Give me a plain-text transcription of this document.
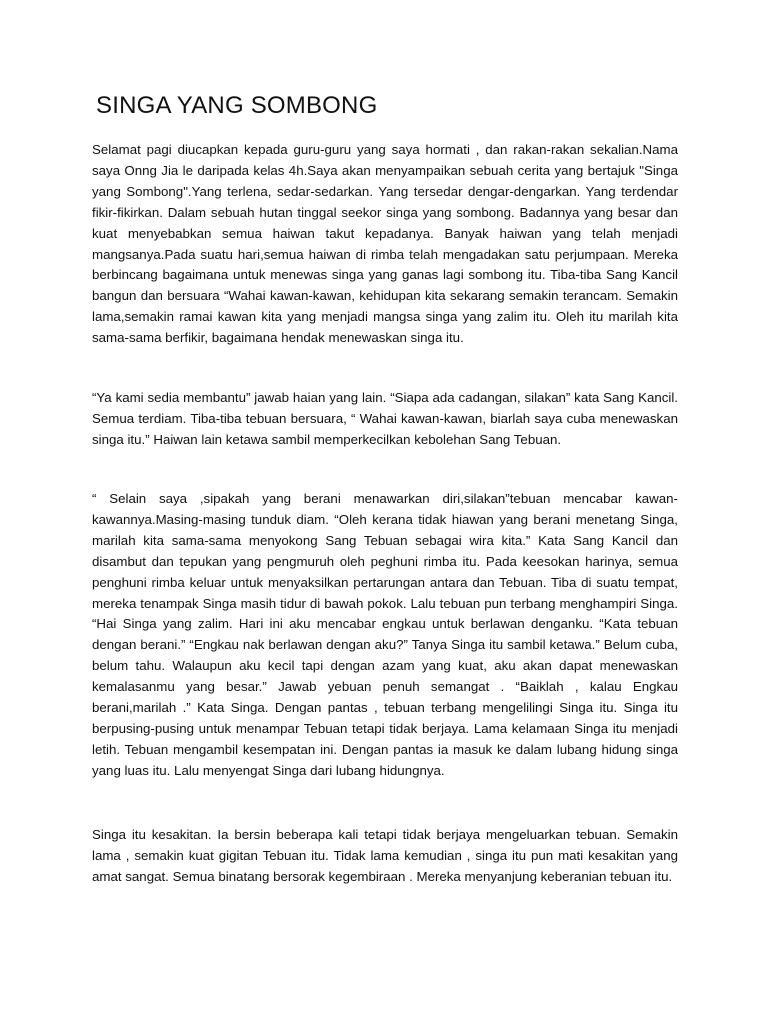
SINGA YANG SOMBONG

Selamat pagi diucapkan kepada guru-guru yang saya hormati , dan rakan-rakan sekalian.Nama saya Onng Jia le daripada kelas 4h.Saya akan menyampaikan sebuah cerita yang bertajuk "Singa yang Sombong".Yang terlena, sedar-sedarkan. Yang tersedar dengar-dengarkan. Yang terdendar fikir-fikirkan. Dalam sebuah hutan tinggal seekor singa yang sombong. Badannya yang besar dan kuat menyebabkan semua haiwan takut kepadanya. Banyak haiwan yang telah menjadi mangsanya.Pada suatu hari,semua haiwan di rimba telah mengadakan satu perjumpaan. Mereka berbincang bagaimana untuk menewas singa yang ganas lagi sombong itu. Tiba-tiba Sang Kancil bangun dan bersuara “Wahai kawan-kawan, kehidupan kita sekarang semakin terancam. Semakin lama,semakin ramai kawan kita yang menjadi mangsa singa yang zalim itu. Oleh itu marilah kita sama-sama berfikir, bagaimana hendak menewaskan singa itu.

“Ya kami sedia membantu” jawab haian yang lain. “Siapa ada cadangan, silakan” kata Sang Kancil. Semua terdiam. Tiba-tiba tebuan bersuara, “ Wahai kawan-kawan, biarlah saya cuba menewaskan singa itu.” Haiwan lain ketawa sambil memperkecilkan kebolehan Sang Tebuan.

“ Selain saya ,sipakah yang berani menawarkan diri,silakan”tebuan mencabar kawan-kawannya.Masing-masing tunduk diam. “Oleh kerana tidak hiawan yang berani menetang Singa, marilah kita sama-sama menyokong Sang Tebuan sebagai wira kita.” Kata Sang Kancil dan disambut dan tepukan yang pengmuruh oleh peghuni rimba itu. Pada keesokan harinya, semua penghuni rimba keluar untuk menyaksilkan pertarungan antara dan Tebuan. Tiba di suatu tempat, mereka tenampak Singa masih tidur di bawah pokok. Lalu tebuan pun terbang menghampiri Singa. “Hai Singa yang zalim. Hari ini aku mencabar engkau untuk berlawan denganku. “Kata tebuan dengan berani.” “Engkau nak berlawan dengan aku?” Tanya Singa itu sambil ketawa.” Belum cuba, belum tahu. Walaupun aku kecil tapi dengan azam yang kuat, aku akan dapat menewaskan kemalasanmu yang besar.” Jawab yebuan penuh semangat . “Baiklah , kalau Engkau berani,marilah .” Kata Singa. Dengan pantas , tebuan terbang mengelilingi Singa itu. Singa itu berpusing-pusing untuk menampar Tebuan tetapi tidak berjaya. Lama kelamaan Singa itu menjadi letih. Tebuan mengambil kesempatan ini. Dengan pantas ia masuk ke dalam lubang hidung singa yang luas itu. Lalu menyengat Singa dari lubang hidungnya.

Singa itu kesakitan. Ia bersin beberapa kali tetapi tidak berjaya mengeluarkan tebuan. Semakin lama , semakin kuat gigitan Tebuan itu. Tidak lama kemudian , singa itu pun mati kesakitan yang amat sangat. Semua binatang bersorak kegembiraan . Mereka menyanjung keberanian tebuan itu.
